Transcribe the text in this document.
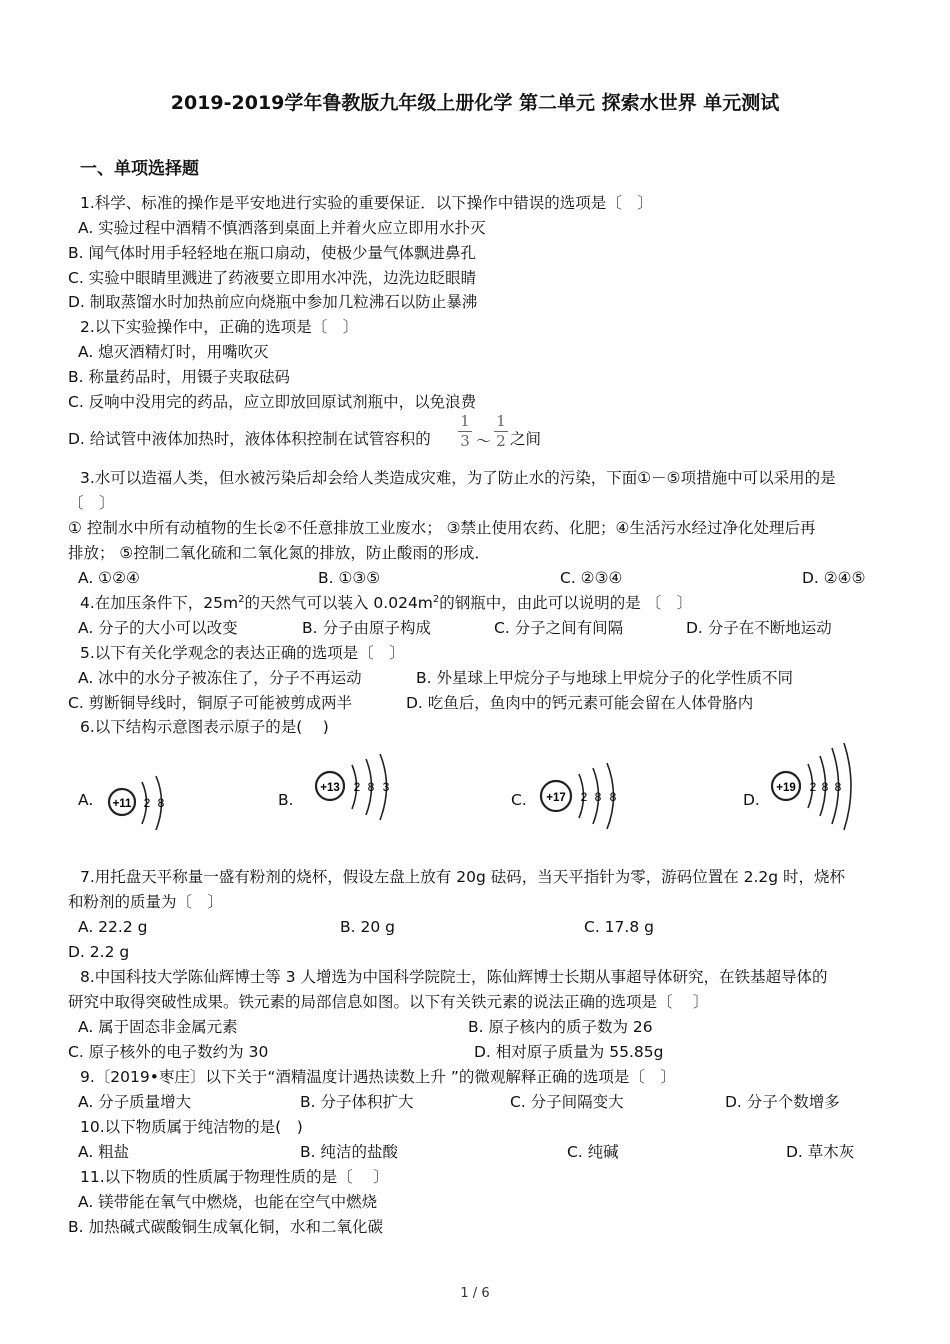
2019-2019学年鲁教版九年级上册化学 第二单元 探索水世界 单元测试
一、单项选择题
1.科学、标准的操作是平安地进行实验的重要保证．以下操作中错误的选项是〔　〕
A. 实验过程中酒精不慎洒落到桌面上并着火应立即用水扑灭
B. 闻气体时用手轻轻地在瓶口扇动，使极少量气体飘进鼻孔
C. 实验中眼睛里溅进了药液要立即用水冲洗，边洗边眨眼睛
D. 制取蒸馏水时加热前应向烧瓶中参加几粒沸石以防止暴沸
2.以下实验操作中，正确的选项是〔　〕
A. 熄灭酒精灯时，用嘴吹灭
B. 称量药品时，用镊子夹取砝码
C. 反响中没用完的药品，应立即放回原试剂瓶中，以免浪费
D. 给试管中液体加热时，液体体积控制在试管容积的
1
3 ～
1
2 之间
3.水可以造福人类，但水被污染后却会给人类造成灾难，为了防止水的污染，下面①－⑤项措施中可以采用的是
〔　〕
① 控制水中所有动植物的生长②不任意排放工业废水； ③禁止使用农药、化肥；④生活污水经过净化处理后再
排放； ⑤控制二氧化硫和二氧化氮的排放，防止酸雨的形成．
A. ①②④	B. ①③⑤	C. ②③④	D. ②④⑤
4.在加压条件下，$25m^2$的天然气可以装入 $0.024m^2$的钢瓶中，由此可以说明的是 〔　〕
A. 分子的大小可以改变	B. 分子由原子构成	C. 分子之间有间隔	D. 分子在不断地运动
5.以下有关化学观念的表达正确的选项是〔　〕
A. 冰中的水分子被冻住了，分子不再运动	B. 外星球上甲烷分子与地球上甲烷分子的化学性质不同
C. 剪断铜导线时，铜原子可能被剪成两半	D. 吃鱼后，鱼肉中的钙元素可能会留在人体骨胳内
6.以下结构示意图表示原子的是(　 )
A. +11 2 8	B.
+13 2 8 3
C. +17 2 8 8	D.
+19 2 8 8
7.用托盘天平称量一盛有粉剂的烧杯，假设左盘上放有 20g 砝码，当天平指针为零，游码位置在 2.2g 时，烧杯
和粉剂的质量为〔　〕
A. 22.2 g	B. 20 g	C. 17.8 g
D. 2.2 g
8.中国科技大学陈仙辉博士等 3 人增选为中国科学院院士，陈仙辉博士长期从事超导体研究，在铁基超导体的
研究中取得突破性成果。铁元素的局部信息如图。以下有关铁元素的说法正确的选项是〔　 〕
A. 属于固态非金属元素	B. 原子核内的质子数为 26
C. 原子核外的电子数约为 30	D. 相对原子质量为 55.85g
9.〔2019•枣庄〕以下关于“酒精温度计遇热读数上升 ”的微观解释正确的选项是〔　〕
A. 分子质量增大	B. 分子体积扩大	C. 分子间隔变大	D. 分子个数增多
10.以下物质属于纯洁物的是(　)
A. 粗盐	B. 纯洁的盐酸	C. 纯碱	D. 草木灰
11.以下物质的性质属于物理性质的是〔　 〕
A. 镁带能在氧气中燃烧，也能在空气中燃烧
B. 加热碱式碳酸铜生成氧化铜，水和二氧化碳
1 / 6
